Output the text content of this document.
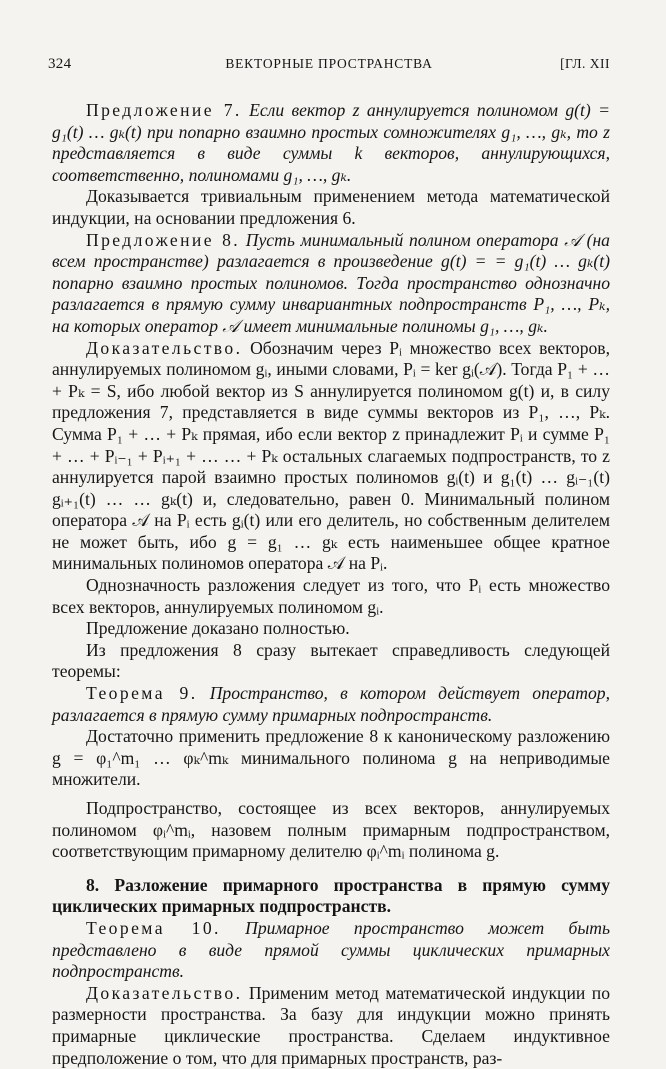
324	ВЕКТОРНЫЕ ПРОСТРАНСТВА	[ГЛ. XII

Предложение 7. Если вектор z аннулируется полиномом g(t) = g₁(t) … gₖ(t) при попарно взаимно простых сомножителях g₁, …, gₖ, то z представляется в виде суммы k векторов, аннулирующихся, соответственно, полиномами g₁, …, gₖ.

Доказывается тривиальным применением метода математической индукции, на основании предложения 6.

Предложение 8. Пусть минимальный полином оператора 𝒜 (на всем пространстве) разлагается в произведение g(t) = = g₁(t) … gₖ(t) попарно взаимно простых полиномов. Тогда пространство однозначно разлагается в прямую сумму инвариантных подпространств P₁, …, Pₖ, на которых оператор 𝒜 имеет минимальные полиномы g₁, …, gₖ.

Доказательство. Обозначим через Pᵢ множество всех векторов, аннулируемых полиномом gᵢ, иными словами, Pᵢ = ker gᵢ(𝒜). Тогда P₁ + … + Pₖ = S, ибо любой вектор из S аннулируется полиномом g(t) и, в силу предложения 7, представляется в виде суммы векторов из P₁, …, Pₖ. Сумма P₁ + … + Pₖ прямая, ибо если вектор z принадлежит Pᵢ и сумме P₁ + … + Pᵢ₋₁ + Pᵢ₊₁ + … … + Pₖ остальных слагаемых подпространств, то z аннулируется парой взаимно простых полиномов gᵢ(t) и g₁(t) … gᵢ₋₁(t) gᵢ₊₁(t) … … gₖ(t) и, следовательно, равен 0. Минимальный полином оператора 𝒜 на Pᵢ есть gᵢ(t) или его делитель, но собственным делителем не может быть, ибо g = g₁ … gₖ есть наименьшее общее кратное минимальных полиномов оператора 𝒜 на Pᵢ.

Однозначность разложения следует из того, что Pᵢ есть множество всех векторов, аннулируемых полиномом gᵢ.

Предложение доказано полностью.

Из предложения 8 сразу вытекает справедливость следующей теоремы:

Теорема 9. Пространство, в котором действует оператор, разлагается в прямую сумму примарных подпространств.

Достаточно применить предложение 8 к каноническому разложению g = φ₁^m₁ … φₖ^mₖ минимального полинома g на неприводимые множители.

Подпространство, состоящее из всех векторов, аннулируемых полиномом φᵢ^mᵢ, назовем полным примарным подпространством, соответствующим примарному делителю φᵢ^mᵢ полинома g.

8. Разложение примарного пространства в прямую сумму циклических примарных подпространств.

Теорема 10. Примарное пространство может быть представлено в виде прямой суммы циклических примарных подпространств.

Доказательство. Применим метод математической индукции по размерности пространства. За базу для индукции можно принять примарные циклические пространства. Сделаем индуктивное предположение о том, что для примарных пространств, раз-
